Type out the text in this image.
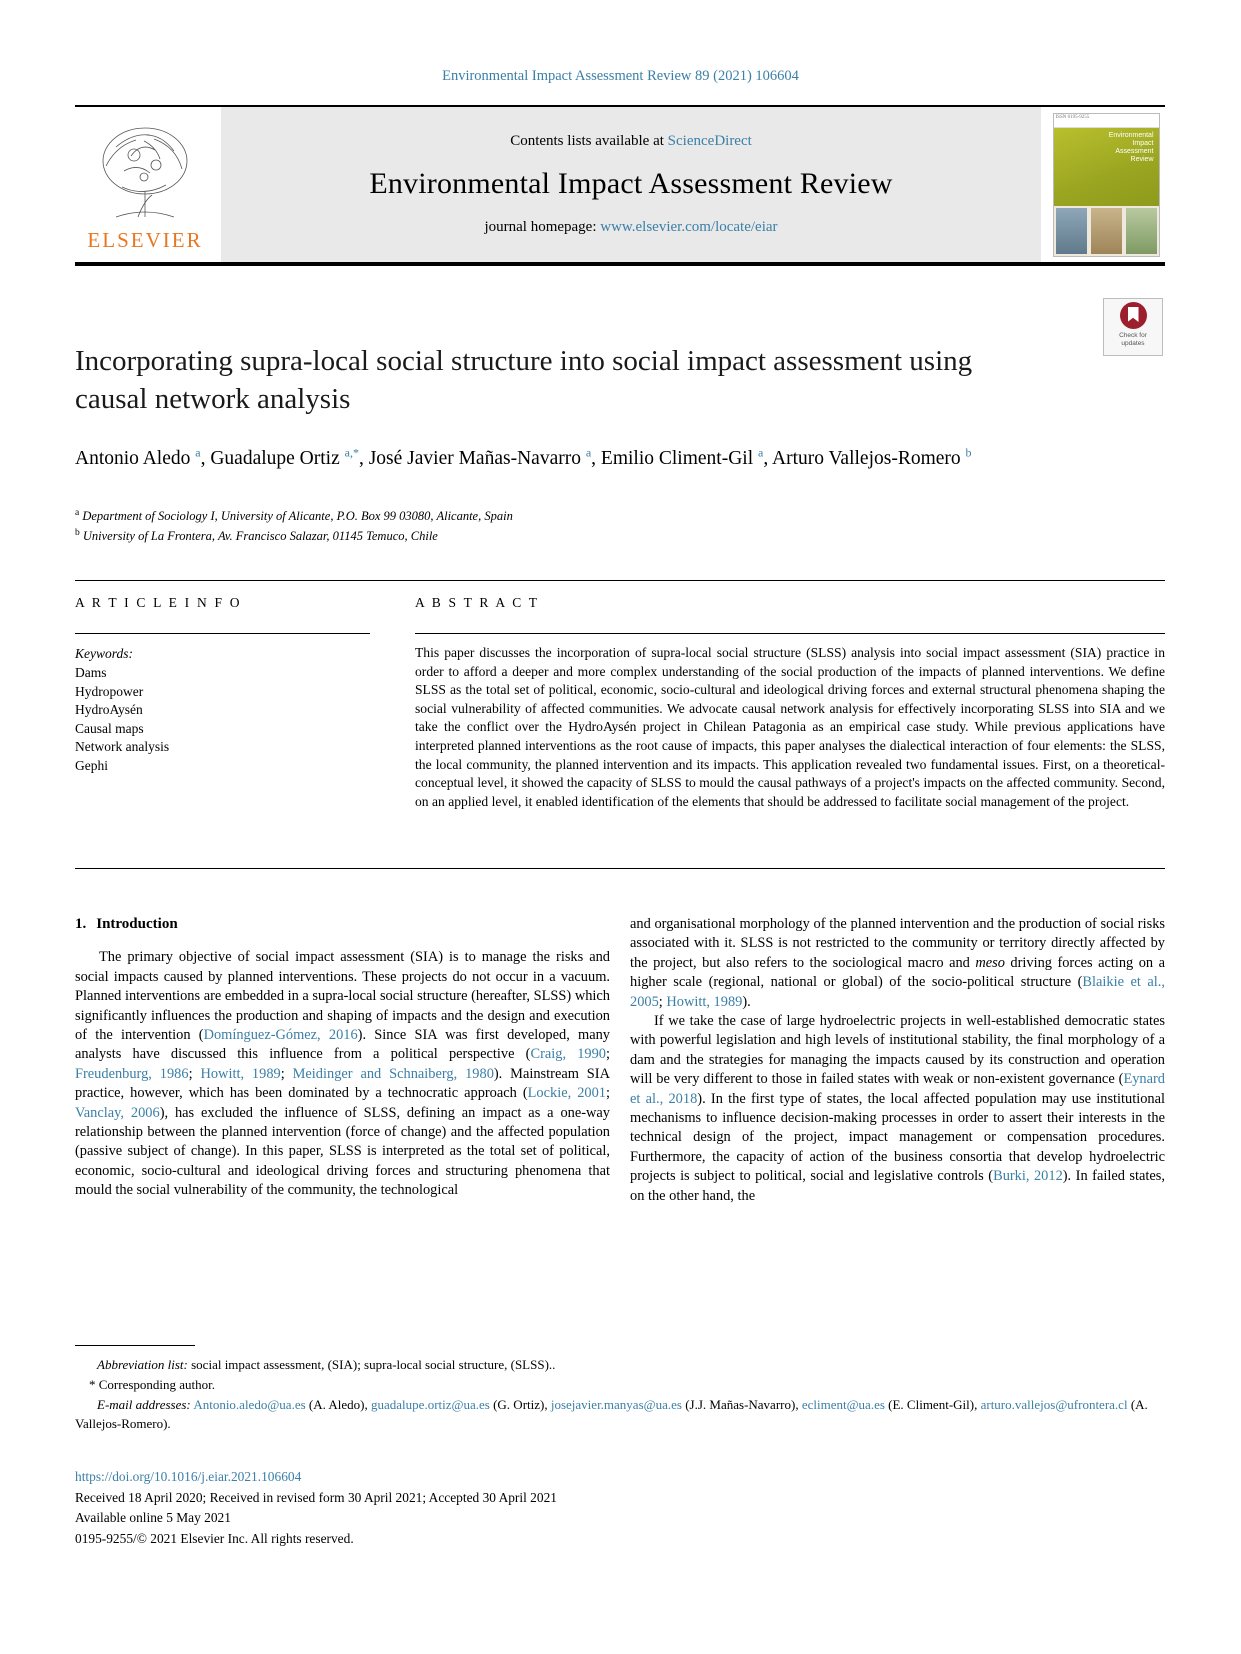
Environmental Impact Assessment Review 89 (2021) 106604
ELSEVIER
Contents lists available at ScienceDirect
Environmental Impact Assessment Review
journal homepage: www.elsevier.com/locate/eiar
ISSN 0195-9255
Environmental Impact Assessment Review
Check for
updates
Incorporating supra-local social structure into social impact assessment using causal network analysis
Antonio Aledo $^a$, Guadalupe Ortiz $^{a,*}$, José Javier Mañas-Navarro $^a$, Emilio Climent-Gil $^a$, Arturo Vallejos-Romero $^b$
$^a$ Department of Sociology I, University of Alicante, P.O. Box 99 03080, Alicante, Spain
$^b$ University of La Frontera, Av. Francisco Salazar, 01145 Temuco, Chile
A R T I C L E I N F O
Keywords:
Dams
Hydropower
HydroAysén
Causal maps
Network analysis
Gephi
A B S T R A C T
This paper discusses the incorporation of supra-local social structure (SLSS) analysis into social impact assessment (SIA) practice in order to afford a deeper and more complex understanding of the social production of the impacts of planned interventions. We define SLSS as the total set of political, economic, socio-cultural and ideological driving forces and external structural phenomena shaping the social vulnerability of affected communities. We advocate causal network analysis for effectively incorporating SLSS into SIA and we take the conflict over the HydroAysén project in Chilean Patagonia as an empirical case study. While previous applications have interpreted planned interventions as the root cause of impacts, this paper analyses the dialectical interaction of four elements: the SLSS, the local community, the planned intervention and its impacts. This application revealed two fundamental issues. First, on a theoretical-conceptual level, it showed the capacity of SLSS to mould the causal pathways of a project's impacts on the affected community. Second, on an applied level, it enabled identification of the elements that should be addressed to facilitate social management of the project.
1. Introduction

The primary objective of social impact assessment (SIA) is to manage the risks and social impacts caused by planned interventions. These projects do not occur in a vacuum. Planned interventions are embedded in a supra-local social structure (hereafter, SLSS) which significantly influences the production and shaping of impacts and the design and execution of the intervention (Domínguez-Gómez, 2016). Since SIA was first developed, many analysts have discussed this influence from a political perspective (Craig, 1990; Freudenburg, 1986; Howitt, 1989; Meidinger and Schnaiberg, 1980). Mainstream SIA practice, however, which has been dominated by a technocratic approach (Lockie, 2001; Vanclay, 2006), has excluded the influence of SLSS, defining an impact as a one-way relationship between the planned intervention (force of change) and the affected population (passive subject of change). In this paper, SLSS is interpreted as the total set of political, economic, socio-cultural and ideological driving forces and structuring phenomena that mould the social vulnerability of the community, the technological

and organisational morphology of the planned intervention and the production of social risks associated with it. SLSS is not restricted to the community or territory directly affected by the project, but also refers to the sociological macro and meso driving forces acting on a higher scale (regional, national or global) of the socio-political structure (Blaikie et al., 2005; Howitt, 1989).

If we take the case of large hydroelectric projects in well-established democratic states with powerful legislation and high levels of institutional stability, the final morphology of a dam and the strategies for managing the impacts caused by its construction and operation will be very different to those in failed states with weak or non-existent governance (Eynard et al., 2018). In the first type of states, the local affected population may use institutional mechanisms to influence decision-making processes in order to assert their interests in the technical design of the project, impact management or compensation procedures. Furthermore, the capacity of action of the business consortia that develop hydroelectric projects is subject to political, social and legislative controls (Burki, 2012). In failed states, on the other hand, the

Abbreviation list: social impact assessment, (SIA); supra-local social structure, (SLSS)..
* Corresponding author.
E-mail addresses: Antonio.aledo@ua.es (A. Aledo), guadalupe.ortiz@ua.es (G. Ortiz), josejavier.manyas@ua.es (J.J. Mañas-Navarro), ecliment@ua.es (E. Climent-Gil), arturo.vallejos@ufrontera.cl (A. Vallejos-Romero).
https://doi.org/10.1016/j.eiar.2021.106604
Received 18 April 2020; Received in revised form 30 April 2021; Accepted 30 April 2021
Available online 5 May 2021
0195-9255/© 2021 Elsevier Inc. All rights reserved.
